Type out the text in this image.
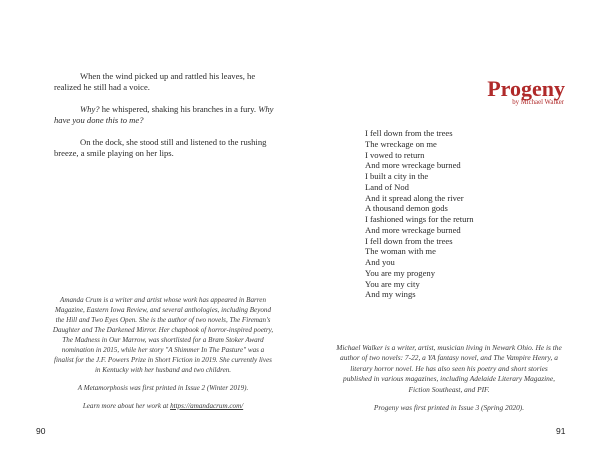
When the wind picked up and rattled his leaves, he realized he still had a voice.

Why? he whispered, shaking his branches in a fury. Why have you done this to me?

On the dock, she stood still and listened to the rushing breeze, a smile playing on her lips.

Amanda Crum is a writer and artist whose work has appeared in Barren Magazine, Eastern Iowa Review, and several anthologies, including Beyond the Hill and Two Eyes Open. She is the author of two novels, The Fireman's Daughter and The Darkened Mirror. Her chapbook of horror-inspired poetry, The Madness in Our Marrow, was shortlisted for a Bram Stoker Award nomination in 2015, while her story "A Shimmer In The Pasture" was a finalist for the J.F. Powers Prize in Short Fiction in 2019. She currently lives in Kentucky with her husband and two children.

A Metamorphosis was first printed in Issue 2 (Winter 2019).

Learn more about her work at https://amandacrum.com/

90
Progeny
by Michael Walker
I fell down from the trees
The wreckage on me
I vowed to return
And more wreckage burned
I built a city in the
Land of Nod
And it spread along the river
A thousand demon gods
I fashioned wings for the return
And more wreckage burned
I fell down from the trees
The woman with me
And you
You are my progeny
You are my city
And my wings

Michael Walker is a writer, artist, musician living in Newark Ohio. He is the author of two novels: 7-22, a YA fantasy novel, and The Vampire Henry, a literary horror novel. He has also seen his poetry and short stories published in various magazines, including Adelaide Literary Magazine, Fiction Southeast, and PIF.

Progeny was first printed in Issue 3 (Spring 2020).

91
